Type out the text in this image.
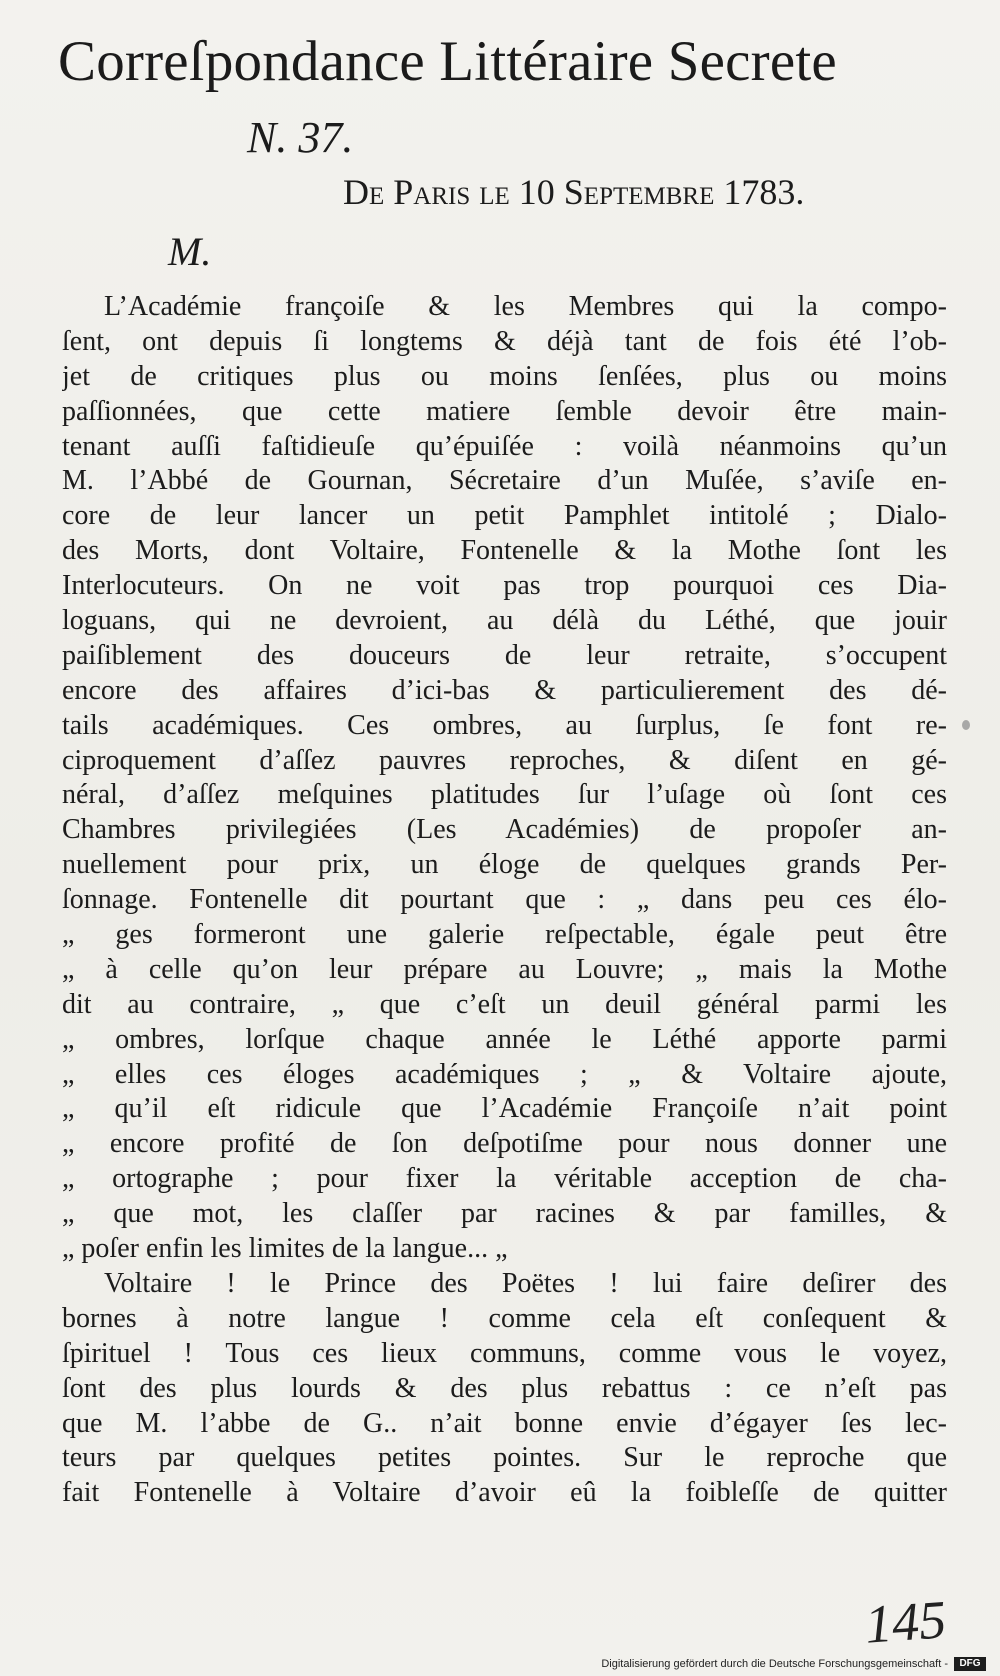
Correſpondance Littéraire Secrete
N. 37.
De Paris le 10 Septembre 1783.
M.
L’Académie françoiſe & les Membres qui la compo-
ſent, ont depuis ſi longtems & déjà tant de fois été l’ob-
jet de critiques plus ou moins ſenſées, plus ou moins
paſſionnées, que cette matiere ſemble devoir être main-
tenant auſſi faſtidieuſe qu’épuiſée : voilà néanmoins qu’un
M. l’Abbé de Gournan, Sécretaire d’un Muſée, s’aviſe en-
core de leur lancer un petit Pamphlet intitolé ; Dialo-
des Morts, dont Voltaire, Fontenelle & la Mothe ſont les
Interlocuteurs. On ne voit pas trop pourquoi ces Dia-
loguans, qui ne devroient, au délà du Léthé, que jouir
paiſiblement des douceurs de leur retraite, s’occupent
encore des affaires d’ici-bas & particulierement des dé-
tails académiques. Ces ombres, au ſurplus, ſe font re-
ciproquement d’aſſez pauvres reproches, & diſent en gé-
néral, d’aſſez meſquines platitudes ſur l’uſage où ſont ces
Chambres privilegiées (Les Académies) de propoſer an-
nuellement pour prix, un éloge de quelques grands Per-
ſonnage. Fontenelle dit pourtant que : „ dans peu ces élo-
„ ges formeront une galerie reſpectable, égale peut être
„ à celle qu’on leur prépare au Louvre; „ mais la Mothe
dit au contraire, „ que c’eſt un deuil général parmi les
„ ombres, lorſque chaque année le Léthé apporte parmi
„ elles ces éloges académiques ; „ & Voltaire ajoute,
„ qu’il eſt ridicule que l’Académie Françoiſe n’ait point
„ encore profité de ſon deſpotiſme pour nous donner une
„ ortographe ; pour fixer la véritable acception de cha-
„ que mot, les claſſer par racines & par familles, &
„ poſer enfin les limites de la langue... „
Voltaire ! le Prince des Poëtes ! lui faire deſirer des
bornes à notre langue ! comme cela eſt conſequent &
ſpirituel ! Tous ces lieux communs, comme vous le voyez,
ſont des plus lourds & des plus rebattus : ce n’eſt pas
que M. l’abbe de G.. n’ait bonne envie d’égayer ſes lec-
teurs par quelques petites pointes. Sur le reproche que
fait Fontenelle à Voltaire d’avoir eû la foibleſſe de quitter
145
Digitalisierung gefördert durch die Deutsche Forschungsgemeinschaft -	DFG
